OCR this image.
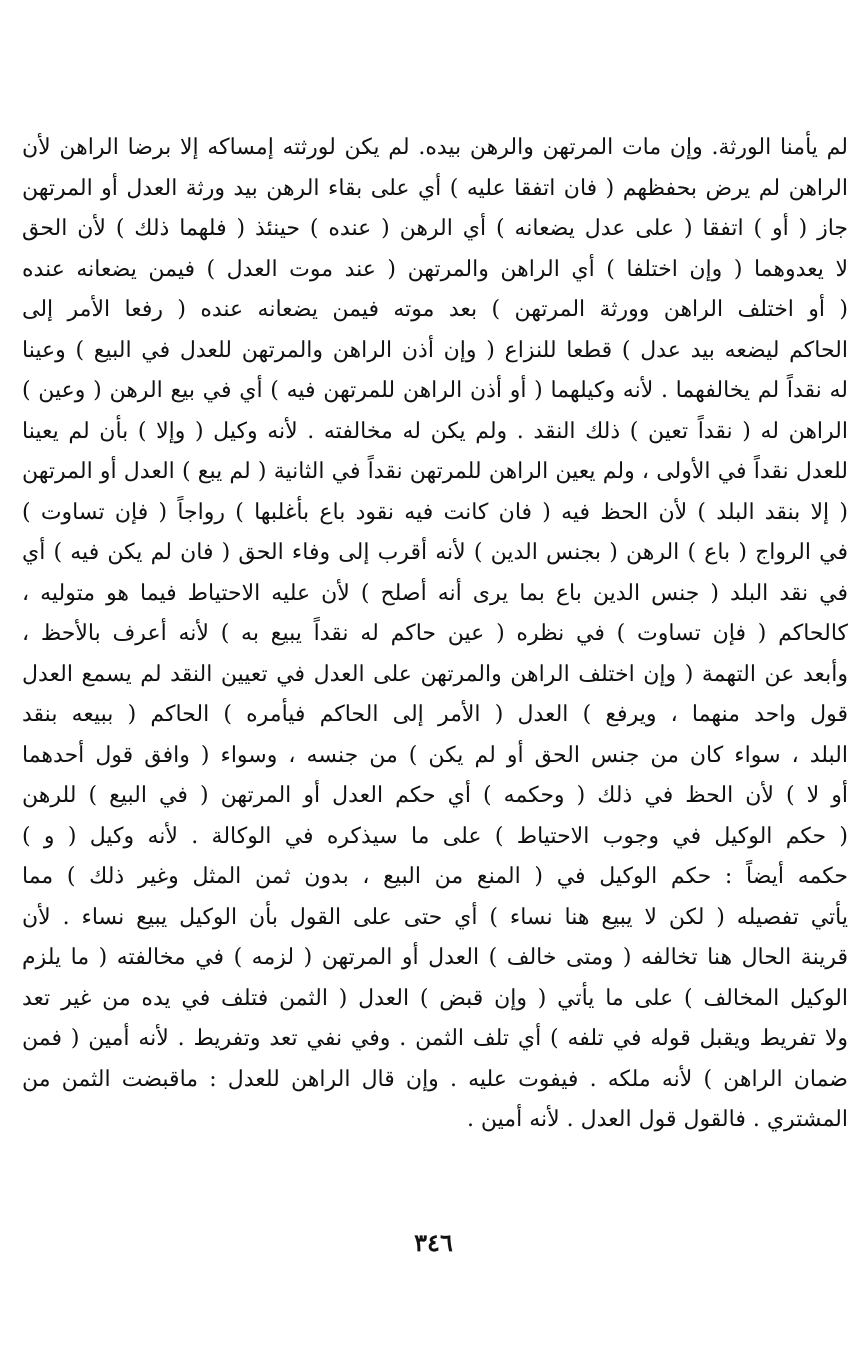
لم يأمنا الورثة. وإن مات المرتهن والرهن بيده. لم يكن لورثته إمساكه إلا برضا الراهن لأن
الراهن لم يرض بحفظهم ( فان اتفقا عليه ) أي على بقاء الرهن بيد ورثة العدل أو المرتهن
جاز ( أو ) اتفقا ( على عدل يضعانه ) أي الرهن ( عنده ) حينئذ ( فلهما ذلك ) لأن الحق
لا يعدوهما ( وإن اختلفا ) أي الراهن والمرتهن ( عند موت العدل ) فيمن يضعانه عنده
( أو اختلف الراهن وورثة المرتهن ) بعد موته فيمن يضعانه عنده ( رفعا الأمر إلى
الحاكم ليضعه بيد عدل ) قطعا للنزاع ( وإن أذن الراهن والمرتهن للعدل في البيع ) وعينا
له نقداً لم يخالفهما . لأنه وكيلهما ( أو أذن الراهن للمرتهن فيه ) أي في بيع الرهن ( وعين )
الراهن له ( نقداً تعين ) ذلك النقد . ولم يكن له مخالفته . لأنه وكيل ( وإلا ) بأن لم يعينا
للعدل نقداً في الأولى ، ولم يعين الراهن للمرتهن نقداً في الثانية ( لم يبع ) العدل أو المرتهن
( إلا بنقد البلد ) لأن الحظ فيه ( فان كانت فيه نقود باع بأغلبها ) رواجاً ( فإن تساوت )
في الرواج ( باع ) الرهن ( بجنس الدين ) لأنه أقرب إلى وفاء الحق ( فان لم يكن فيه ) أي
في نقد البلد ( جنس الدين باع بما يرى أنه أصلح ) لأن عليه الاحتياط فيما هو متوليه ،
كالحاكم ( فإن تساوت ) في نظره ( عين حاكم له نقداً يبيع به ) لأنه أعرف بالأحظ ،
وأبعد عن التهمة ( وإن اختلف الراهن والمرتهن على العدل في تعيين النقد لم يسمع العدل
قول واحد منهما ، ويرفع ) العدل ( الأمر إلى الحاكم فيأمره ) الحاكم ( ببيعه بنقد
البلد ، سواء كان من جنس الحق أو لم يكن ) من جنسه ، وسواء ( وافق قول أحدهما
أو لا ) لأن الحظ في ذلك ( وحكمه ) أي حكم العدل أو المرتهن ( في البيع ) للرهن
( حكم الوكيل في وجوب الاحتياط ) على ما سيذكره في الوكالة . لأنه وكيل ( و )
حكمه أيضاً : حكم الوكيل في ( المنع من البيع ، بدون ثمن المثل وغير ذلك ) مما
يأتي تفصيله ( لكن لا يبيع هنا نساء ) أي حتى على القول بأن الوكيل يبيع نساء . لأن
قرينة الحال هنا تخالفه ( ومتى خالف ) العدل أو المرتهن ( لزمه ) في مخالفته ( ما يلزم
الوكيل المخالف ) على ما يأتي ( وإن قبض ) العدل ( الثمن فتلف في يده من غير تعد
ولا تفريط ويقبل قوله في تلفه ) أي تلف الثمن . وفي نفي تعد وتفريط . لأنه أمين ( فمن
ضمان الراهن ) لأنه ملكه . فيفوت عليه . وإن قال الراهن للعدل : ماقبضت الثمن من
المشتري . فالقول قول العدل . لأنه أمين .
٣٤٦
